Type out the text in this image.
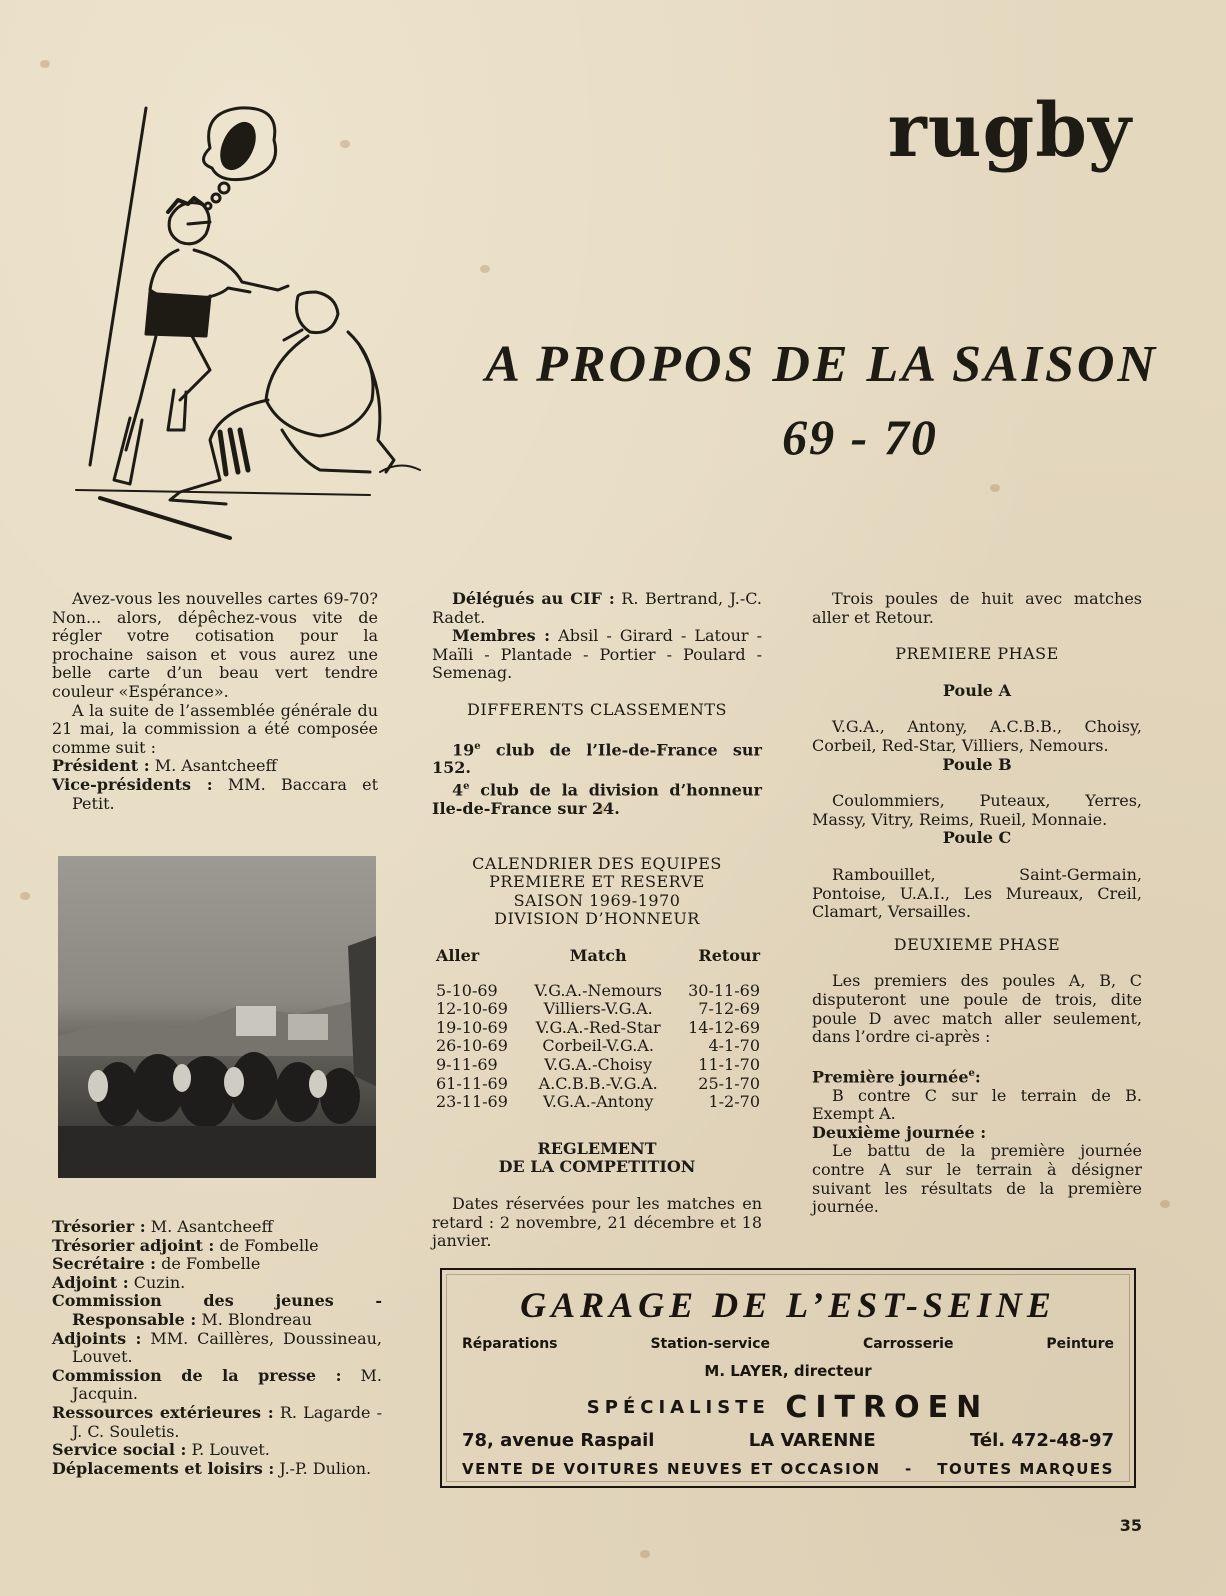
rugby
A PROPOS DE LA SAISON
69 - 70

Avez-vous les nouvelles cartes 69-70? Non... alors, dépêchez-vous vite de régler votre cotisation pour la prochaine saison et vous aurez une belle carte d’un beau vert tendre couleur «Espérance».

A la suite de l’assemblée générale du 21 mai, la commission a été composée comme suit :

Président : M. Asantcheeff

Vice-présidents : MM. Baccara et Petit.

Trésorier : M. Asantcheeff

Trésorier adjoint : de Fombelle

Secrétaire : de Fombelle

Adjoint : Cuzin.

Commission des jeunes - Responsable : M. Blondreau

Adjoints : MM. Caillères, Doussineau, Louvet.

Commission de la presse : M. Jacquin.

Ressources extérieures : R. Lagarde - J. C. Souletis.

Service social : P. Louvet.

Déplacements et loisirs : J.-P. Dulion.

Délégués au CIF : R. Bertrand, J.-C. Radet.

Membres : Absil - Girard - Latour - Maïli - Plantade - Portier - Poulard - Semenag.

DIFFERENTS CLASSEMENTS

19e club de l’Ile-de-France sur 152.

4e club de la division d’honneur Ile-de-France sur 24.

CALENDRIER DES EQUIPES

PREMIERE ET RESERVE

SAISON 1969-1970

DIVISION D’HONNEUR

Aller	Match	Retour
5-10-69	V.G.A.-Nemours	30-11-69
12-10-69	Villiers-V.G.A.	7-12-69
19-10-69	V.G.A.-Red-Star	14-12-69
26-10-69	Corbeil-V.G.A.	4-1-70
9-11-69	V.G.A.-Choisy	11-1-70
61-11-69	A.C.B.B.-V.G.A.	25-1-70
23-11-69	V.G.A.-Antony	1-2-70

REGLEMENT

DE LA COMPETITION

Dates réservées pour les matches en retard : 2 novembre, 21 décembre et 18 janvier.

Trois poules de huit avec matches aller et Retour.

PREMIERE PHASE

Poule A

V.G.A., Antony, A.C.B.B., Choisy, Corbeil, Red-Star, Villiers, Nemours.

Poule B

Coulommiers, Puteaux, Yerres, Massy, Vitry, Reims, Rueil, Monnaie.

Poule C

Rambouillet, Saint-Germain, Pontoise, U.A.I., Les Mureaux, Creil, Clamart, Versailles.

DEUXIEME PHASE

Les premiers des poules A, B, C disputeront une poule de trois, dite poule D avec match aller seulement, dans l’ordre ci-après :

Première journée$^e$:

B contre C sur le terrain de B. Exempt A.

Deuxième journée :

Le battu de la première journée contre A sur le terrain à désigner suivant les résultats de la première journée.

GARAGE DE L’EST-SEINE
Réparations	Station-service	Carrosserie	Peinture
M. LAYER, directeur
SPÉCIALISTE CITROEN
78, avenue Raspail	LA VARENNE	Tél. 472-48-97
VENTE DE VOITURES NEUVES ET OCCASION - TOUTES MARQUES
35
